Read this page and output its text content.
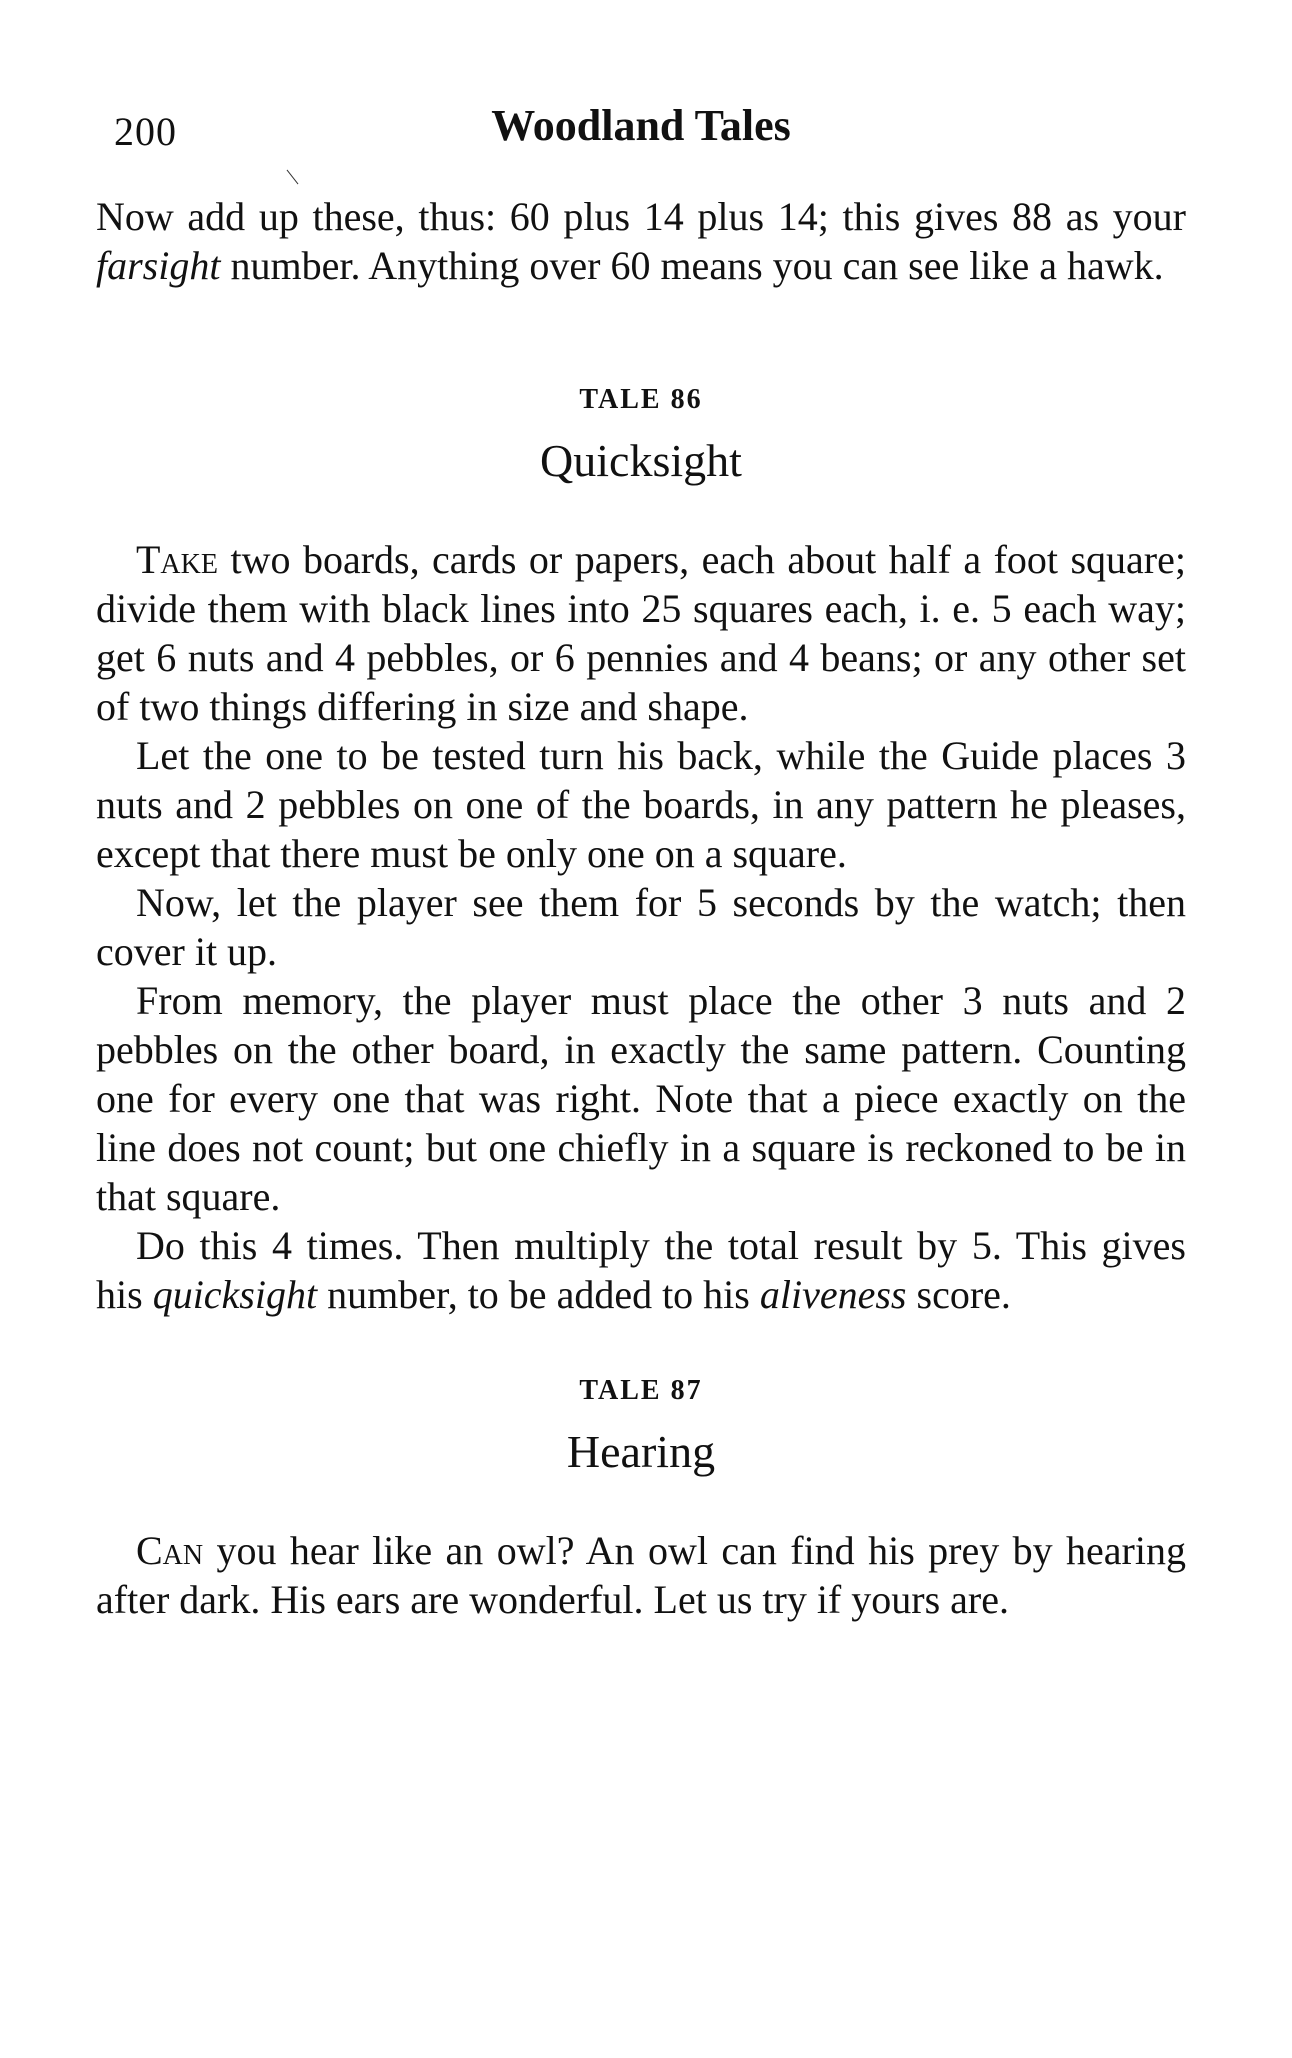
200	Woodland Tales

Now add up these, thus: 60 plus 14 plus 14; this gives 88 as your farsight number. Anything over 60 means you can see like a hawk.

TALE 86
Quicksight

Take two boards, cards or papers, each about half a foot square; divide them with black lines into 25 squares each, i. e. 5 each way; get 6 nuts and 4 pebbles, or 6 pennies and 4 beans; or any other set of two things differing in size and shape.

Let the one to be tested turn his back, while the Guide places 3 nuts and 2 pebbles on one of the boards, in any pattern he pleases, except that there must be only one on a square.

Now, let the player see them for 5 seconds by the watch; then cover it up.

From memory, the player must place the other 3 nuts and 2 pebbles on the other board, in exactly the same pattern. Counting one for every one that was right. Note that a piece exactly on the line does not count; but one chiefly in a square is reckoned to be in that square.

Do this 4 times. Then multiply the total result by 5. This gives his quicksight number, to be added to his aliveness score.

TALE 87
Hearing

Can you hear like an owl? An owl can find his prey by hearing after dark. His ears are wonderful. Let us try if yours are.
